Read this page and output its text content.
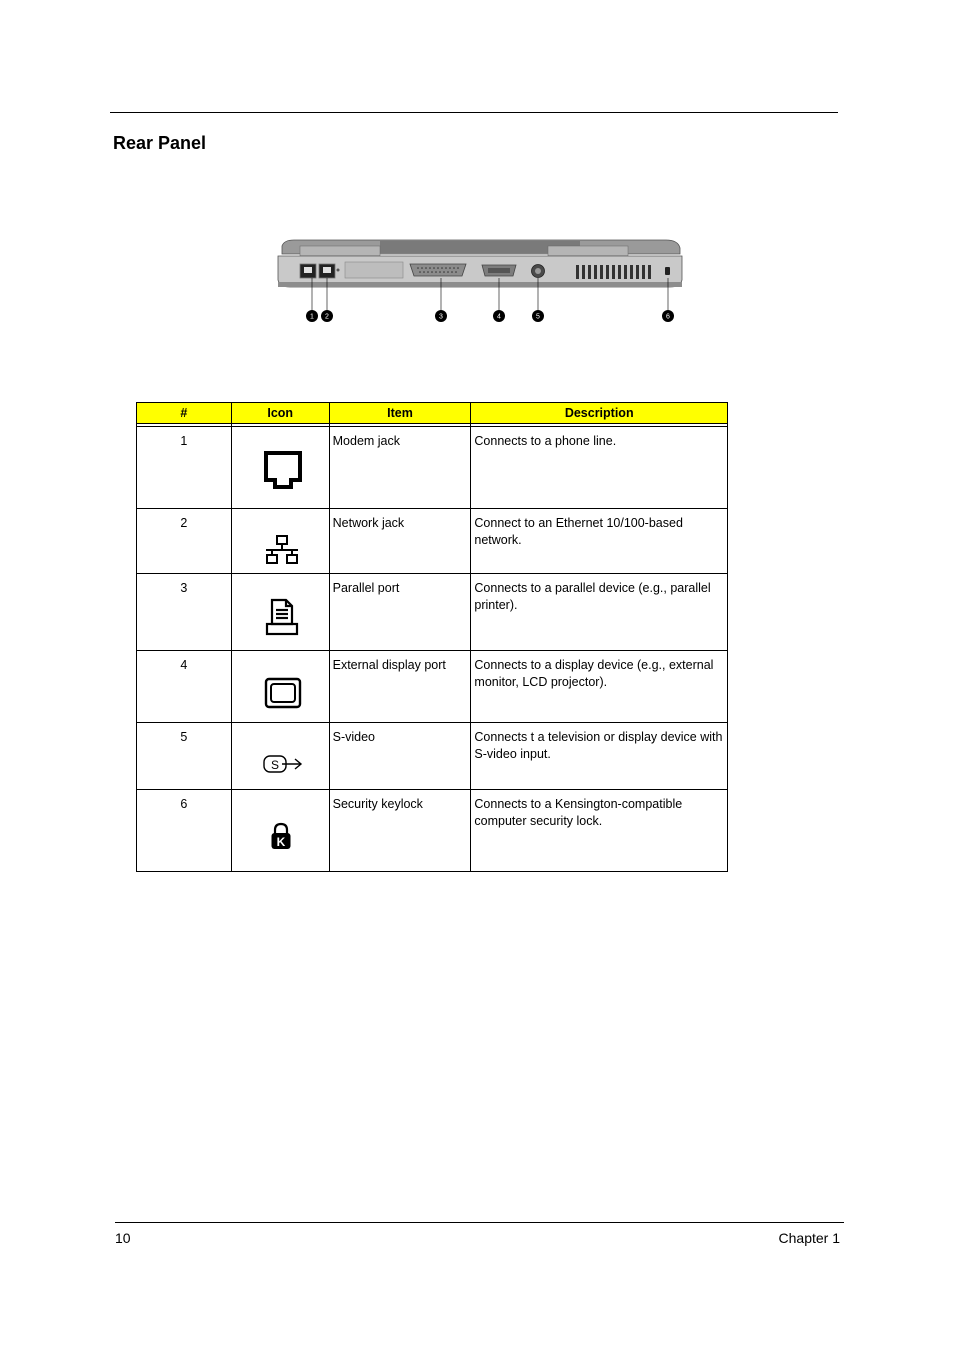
Rear Panel
1 2	3	4	5	6
#	Icon	Item	Description

1		Modem jack	Connects to a phone line.
2		Network jack	Connect to an Ethernet 10/100-based network.
3		Parallel port	Connects to a parallel device (e.g., parallel printer).
4		External display port	Connects to a display device (e.g., external monitor, LCD projector).
5	S	S-video	Connects t a television or display device with S-video input.
6	K	Security keylock	Connects to a Kensington-compatible computer security lock.
10	Chapter 1
